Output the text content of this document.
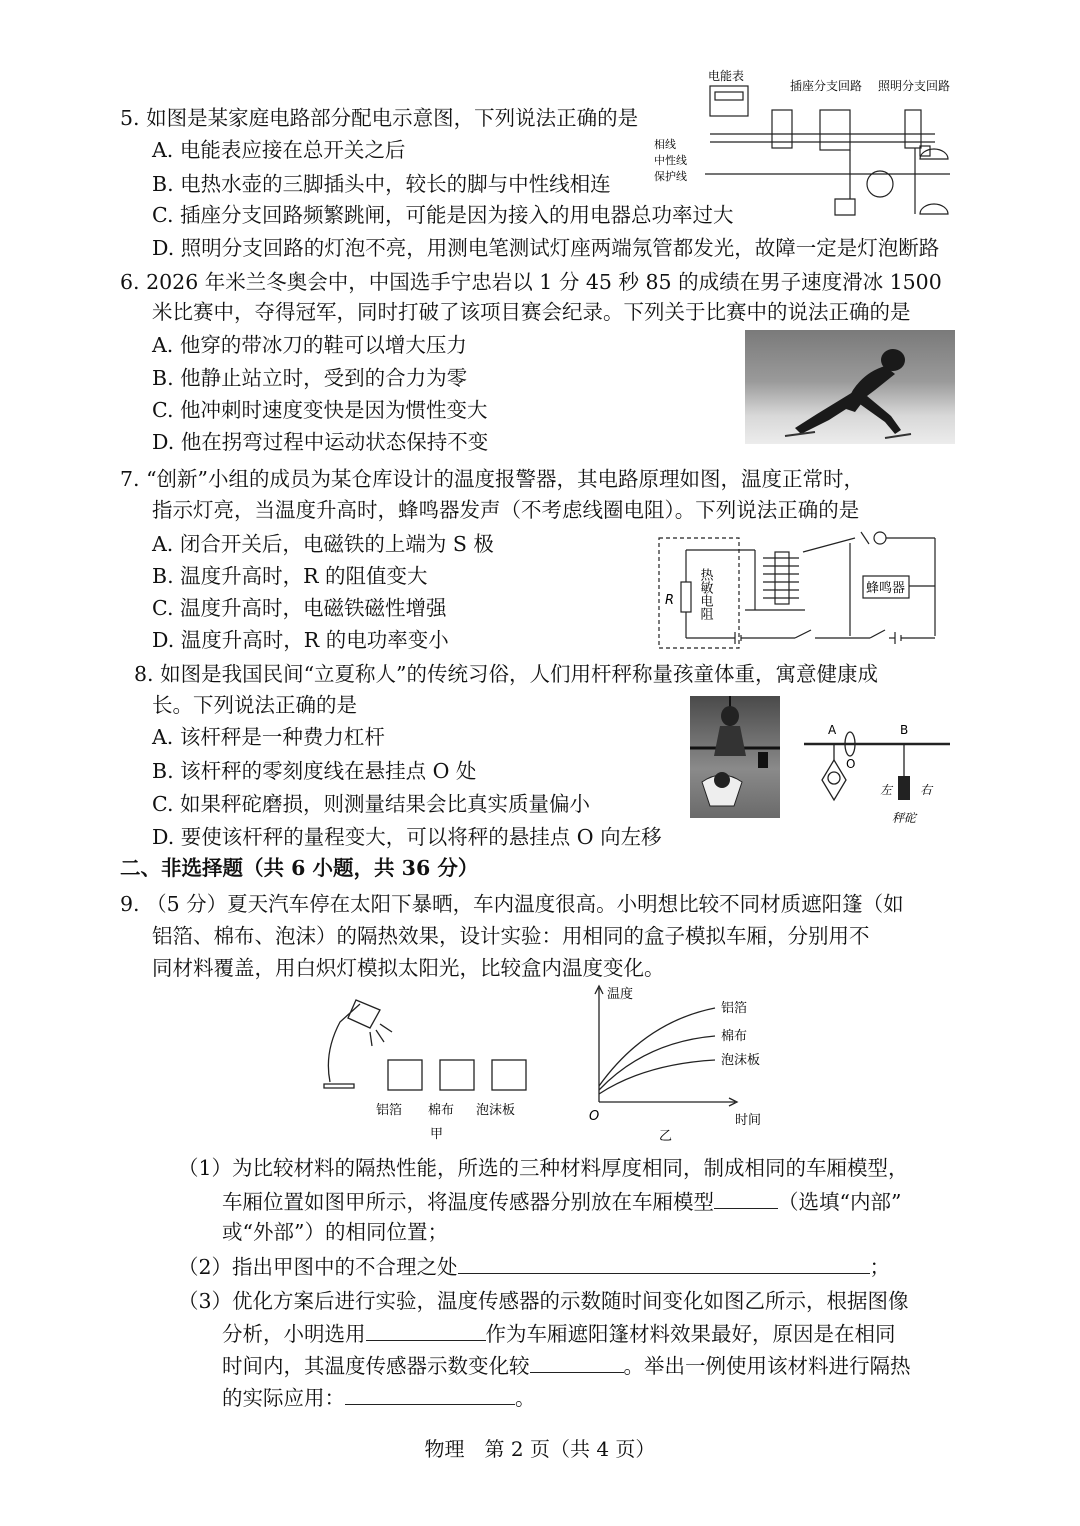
5. 如图是某家庭电路部分配电示意图，下列说法正确的是
A. 电能表应接在总开关之后
B. 电热水壶的三脚插头中，较长的脚与中性线相连
C. 插座分支回路频繁跳闸，可能是因为接入的用电器总功率过大
D. 照明分支回路的灯泡不亮，用测电笔测试灯座两端氖管都发光，故障一定是灯泡断路
电能表
插座分支回路 照明分支回路
相线
中性线
保护线
6. 2026 年米兰冬奥会中，中国选手宁忠岩以 1 分 45 秒 85 的成绩在男子速度滑冰 1500
米比赛中，夺得冠军，同时打破了该项目赛会纪录。下列关于比赛中的说法正确的是
A. 他穿的带冰刀的鞋可以增大压力
B. 他静止站立时，受到的合力为零
C. 他冲刺时速度变快是因为惯性变大
D. 他在拐弯过程中运动状态保持不变
7. “创新”小组的成员为某仓库设计的温度报警器，其电路原理如图，温度正常时，
指示灯亮，当温度升高时，蜂鸣器发声（不考虑线圈电阻）。下列说法正确的是
A. 闭合开关后，电磁铁的上端为 S 极
B. 温度升高时，R 的阻值变大
C. 温度升高时，电磁铁磁性增强
D. 温度升高时，R 的电功率变小
R 热敏电阻	蜂鸣器
8. 如图是我国民间“立夏称人”的传统习俗，人们用杆秤称量孩童体重，寓意健康成
长。下列说法正确的是
A. 该杆秤是一种费力杠杆
B. 该杆秤的零刻度线在悬挂点 O 处
C. 如果秤砣磨损，则测量结果会比真实质量偏小
D. 要使该杆秤的量程变大，可以将秤的悬挂点 O 向左移
A	B
O
左 右
秤砣
二、非选择题（共 6 小题，共 36 分）
9. （5 分）夏天汽车停在太阳下暴晒，车内温度很高。小明想比较不同材质遮阳篷（如
铝箔、棉布、泡沫）的隔热效果，设计实验：用相同的盒子模拟车厢，分别用不
同材料覆盖，用白炽灯模拟太阳光，比较盒内温度变化。
铝箔 棉布 泡沫板
甲
温度
时间
O
铝箔
棉布
泡沫板
乙
（1）为比较材料的隔热性能，所选的三种材料厚度相同，制成相同的车厢模型，
车厢位置如图甲所示，将温度传感器分别放在车厢模型	（选填“内部”
或“外部”）的相同位置；
（2）指出甲图中的不合理之处	；
（3）优化方案后进行实验，温度传感器的示数随时间变化如图乙所示，根据图像
分析，小明选用	作为车厢遮阳篷材料效果最好，原因是在相同
时间内，其温度传感器示数变化较	。举出一例使用该材料进行隔热
的实际应用：	。
物理　第 2 页（共 4 页）
